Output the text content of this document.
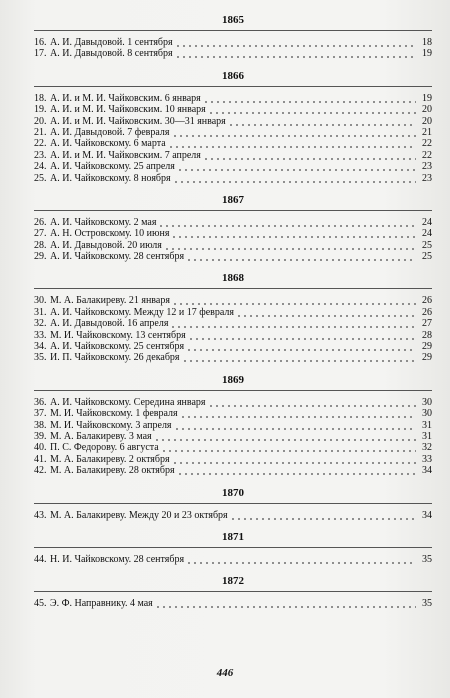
1865
16. А. И. Давыдовой. 1 сентября	18
17. А. И. Давыдовой. 8 сентября	19
1866
18. А. И. и М. И. Чайковским. 6 января	19
19. А. И. и М. И. Чайковским. 10 января	20
20. А. И. и М. И. Чайковским. 30—31 января	20
21. А. И. Давыдовой. 7 февраля	21
22. А. И. Чайковскому. 6 марта	22
23. А. И. и М. И. Чайковским. 7 апреля	22
24. А. И. Чайковскому. 25 апреля	23
25. А. И. Чайковскому. 8 ноября	23
1867
26. А. И. Чайковскому. 2 мая	24
27. А. Н. Островскому. 10 июня	24
28. А. И. Давыдовой. 20 июля	25
29. А. И. Чайковскому. 28 сентября	25
1868
30. М. А. Балакиреву. 21 января	26
31. А. И. Чайковскому. Между 12 и 17 февраля	26
32. А. И. Давыдовой. 16 апреля	27
33. М. И. Чайковскому. 13 сентября	28
34. А. И. Чайковскому. 25 сентября	29
35. И. П. Чайковскому. 26 декабря	29
1869
36. А. И. Чайковскому. Середина января	30
37. М. И. Чайковскому. 1 февраля	30
38. М. И. Чайковскому. 3 апреля	31
39. М. А. Балакиреву. 3 мая	31
40. П. С. Федорову. 6 августа	32
41. М. А. Балакиреву. 2 октября	33
42. М. А. Балакиреву. 28 октября	34
1870
43. М. А. Балакиреву. Между 20 и 23 октября	34
1871
44. Н. И. Чайковскому. 28 сентября	35
1872
45. Э. Ф. Направнику. 4 мая	35
446
